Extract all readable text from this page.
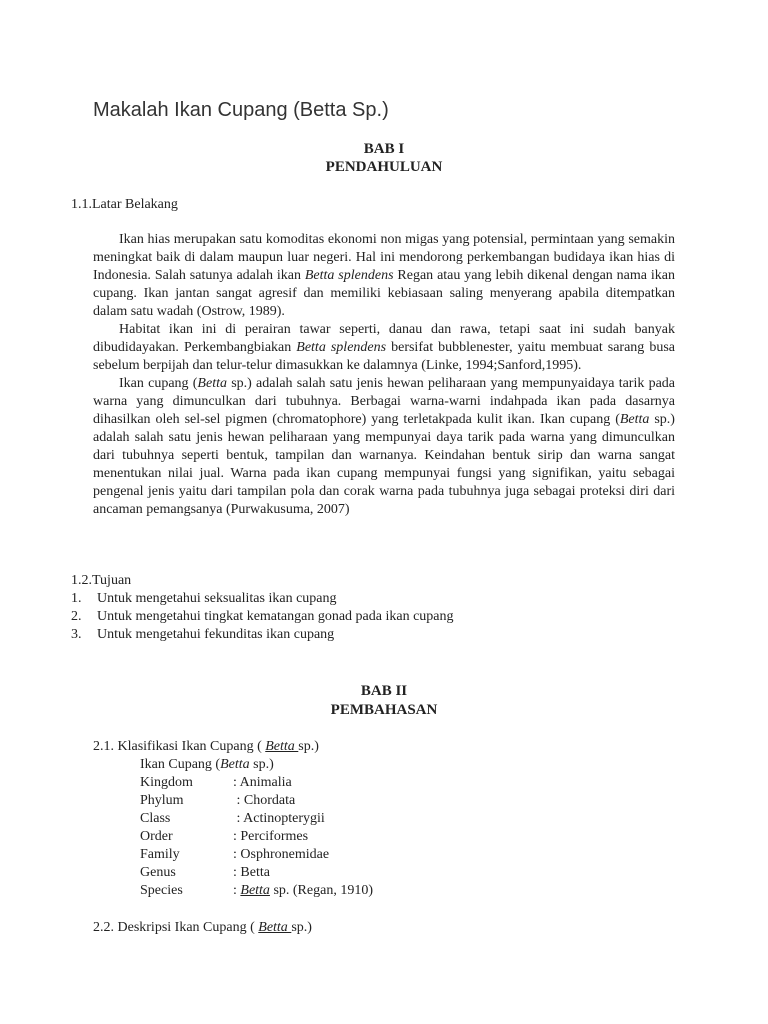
Makalah Ikan Cupang (Betta Sp.)
BAB I
PENDAHULUAN
1.1.Latar Belakang

Ikan hias merupakan satu komoditas ekonomi non migas yang potensial, permintaan yang semakin meningkat baik di dalam maupun luar negeri. Hal ini mendorong perkembangan budidaya ikan hias di Indonesia. Salah satunya adalah ikan Betta splendens Regan atau yang lebih dikenal dengan nama ikan cupang. Ikan jantan sangat agresif dan memiliki kebiasaan saling menyerang apabila ditempatkan dalam satu wadah (Ostrow, 1989).

Habitat ikan ini di perairan tawar seperti, danau dan rawa, tetapi saat ini sudah banyak dibudidayakan. Perkembangbiakan Betta splendens bersifat bubblenester, yaitu membuat sarang busa sebelum berpijah dan telur-telur dimasukkan ke dalamnya (Linke, 1994;Sanford,1995).

Ikan cupang (Betta sp.) adalah salah satu jenis hewan peliharaan yang mempunyaidaya tarik pada warna yang dimunculkan dari tubuhnya. Berbagai warna-warni indahpada ikan pada dasarnya dihasilkan oleh sel-sel pigmen (chromatophore) yang terletakpada kulit ikan. Ikan cupang (Betta sp.) adalah salah satu jenis hewan peliharaan yang mempunyai daya tarik pada warna yang dimunculkan dari tubuhnya seperti bentuk, tampilan dan warnanya. Keindahan bentuk sirip dan warna sangat menentukan nilai jual. Warna pada ikan cupang mempunyai fungsi yang signifikan, yaitu sebagai pengenal jenis yaitu dari tampilan pola dan corak warna pada tubuhnya juga sebagai proteksi diri dari ancaman pemangsanya (Purwakusuma, 2007)

1.2.Tujuan
1. Untuk mengetahui seksualitas ikan cupang
2. Untuk mengetahui tingkat kematangan gonad pada ikan cupang
3. Untuk mengetahui fekunditas ikan cupang
BAB II
PEMBAHASAN
2.1. Klasifikasi Ikan Cupang ( Betta sp.)
Ikan Cupang (Betta sp.)
Kingdom	: Animalia
Phylum	: Chordata
Class	: Actinopterygii
Order	: Perciformes
Family	: Osphronemidae
Genus	: Betta
Species	: Betta sp. (Regan, 1910)
2.2. Deskripsi Ikan Cupang ( Betta sp.)
